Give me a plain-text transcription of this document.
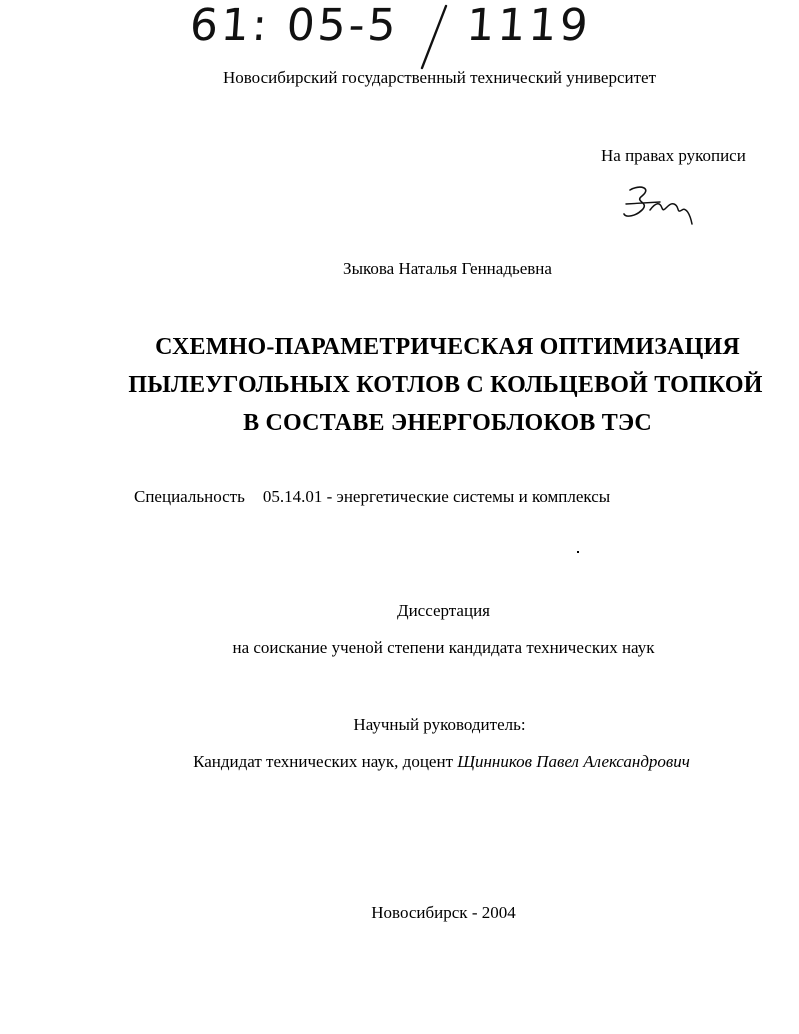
61: 05-5 1119
Новосибирский государственный технический университет
На правах рукописи
Зыкова Наталья Геннадьевна
СХЕМНО-ПАРАМЕТРИЧЕСКАЯ ОПТИМИЗАЦИЯ
ПЫЛЕУГОЛЬНЫХ КОТЛОВ С КОЛЬЦЕВОЙ ТОПКОЙ
В СОСТАВЕ ЭНЕРГОБЛОКОВ ТЭС
Специальность 05.14.01 - энергетические системы и комплексы
Диссертация
на соискание ученой степени кандидата технических наук
Научный руководитель:
Кандидат технических наук, доцент Щинников Павел Александрович
Новосибирск - 2004
